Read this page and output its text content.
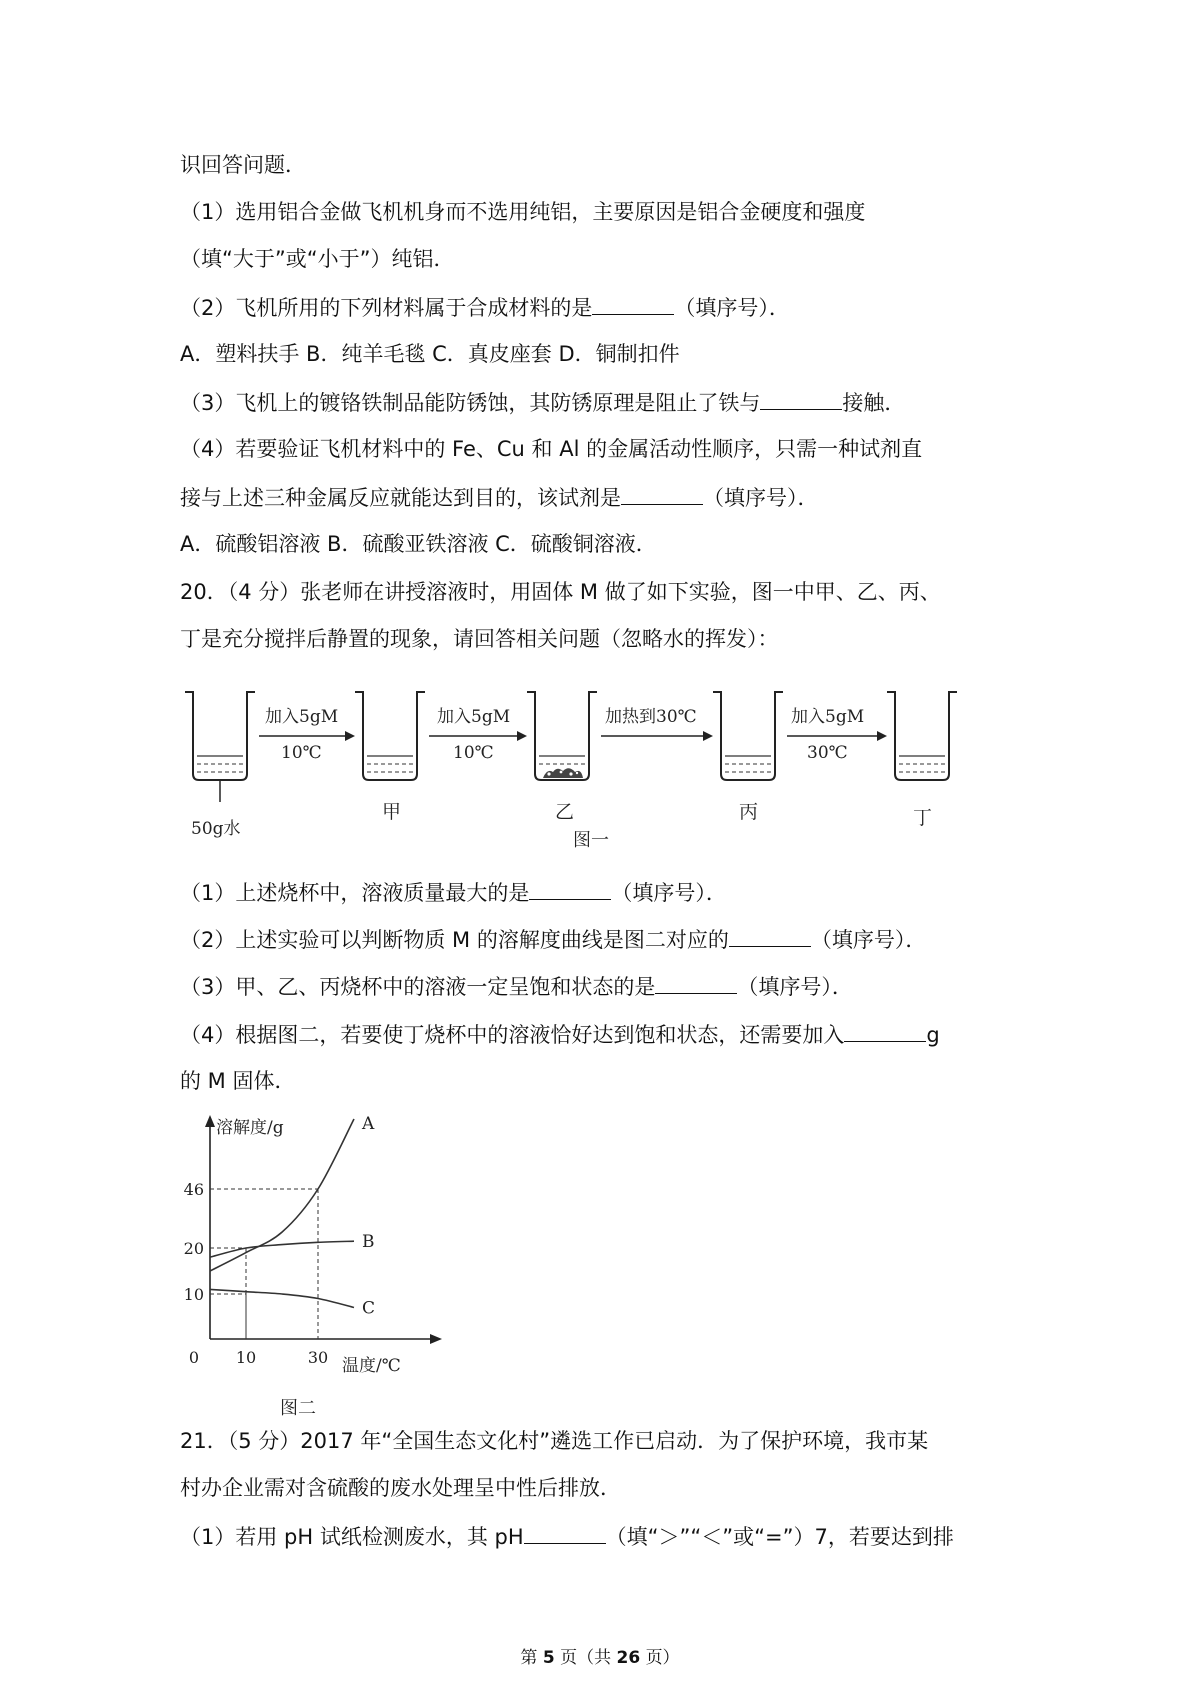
识回答问题．
（1）选用铝合金做飞机机身而不选用纯铝，主要原因是铝合金硬度和强度
（填“大于”或“小于”）纯铝．
（2）飞机所用的下列材料属于合成材料的是	（填序号）．
A．塑料扶手 B．纯羊毛毯 C．真皮座套 D．铜制扣件
（3）飞机上的镀铬铁制品能防锈蚀，其防锈原理是阻止了铁与	接触．
（4）若要验证飞机材料中的 Fe、Cu 和 Al 的金属活动性顺序，只需一种试剂直
接与上述三种金属反应就能达到目的，该试剂是	（填序号）．
A．硫酸铝溶液 B．硫酸亚铁溶液 C．硫酸铜溶液．
20．（4 分）张老师在讲授溶液时，用固体 M 做了如下实验，图一中甲、乙、丙、
丁是充分搅拌后静置的现象，请回答相关问题（忽略水的挥发）：
50g水
加入5gM
10℃
甲
加入5gM
10℃
乙
加热到30℃
丙
图一
加入5gM
30℃
丁
（1）上述烧杯中，溶液质量最大的是	（填序号）．
（2）上述实验可以判断物质 M 的溶解度曲线是图二对应的	（填序号）．
（3）甲、乙、丙烧杯中的溶液一定呈饱和状态的是	（填序号）．
（4）根据图二，若要使丁烧杯中的溶液恰好达到饱和状态，还需要加入	g
的 M 固体．
A
B
C
10
20
46
0 10	30
溶解度/g
温度/℃
图二
21．（5 分）2017 年“全国生态文化村”遴选工作已启动．为了保护环境，我市某
村办企业需对含硫酸的废水处理呈中性后排放．
（1）若用 pH 试纸检测废水，其 pH	（填“＞”“＜”或“=”）7，若要达到排
第 5 页（共 26 页）
